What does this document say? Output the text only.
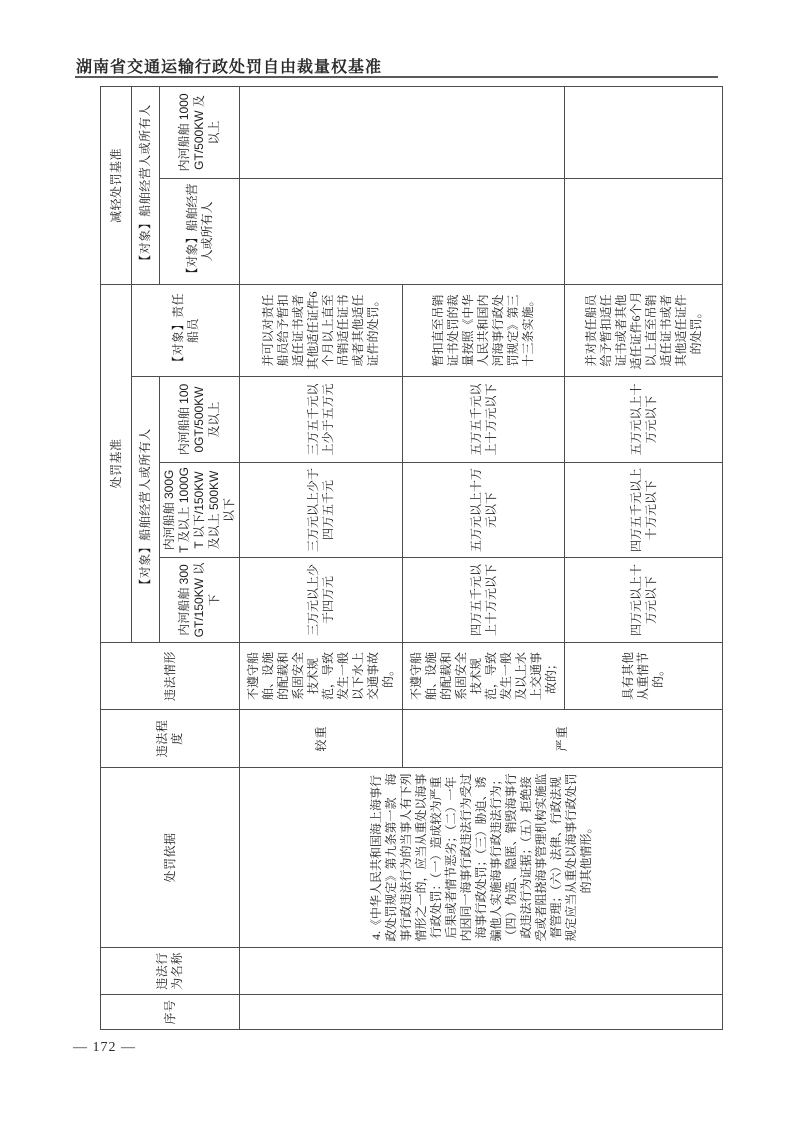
湖南省交通运输行政处罚自由裁量权基准
序号	违法行为名称	处罚依据	违法程度	违法情形	处罚基准				减轻处罚基准	
					【对象】船舶经营人或所有人			【对象】责任船员	【对象】船舶经营人或所有人	
					内河船舶 300GT/150KW 以下	内河船舶 300GT 及以上 1000GT 以下/150KW 及以上 500KW 以下	内河船舶 1000GT/500KW 及以上		【对象】船舶经营人或所有人	内河船舶 1000GT/500KW 及以上
		4.《中华人民共和国海上海事行政处罚规定》第九条第一款　海事行政违法行为的当事人有下列情形之一的，应当从重处以海事行政处罚：（一）造成较为严重后果或者情节恶劣；（二）一年内因同一海事行政违法行为受过海事行政处罚；（三）胁迫、诱骗他人实施海事行政违法行为；（四）伪造、隐匿、销毁海事行政违法行为证据；（五）拒绝接受或者阻挠海事管理机构实施监督管理；（六）法律、行政法规规定应当从重处以海事行政处罚的其他情形。	较重	不遵守船舶、设施的配载和系固安全技术规范，导致发生一般以下水上交通事故的。	三万元以上少于四万元	三万元以上少于四万五千元	三万五千元以上少于五万元	并可以对责任船员给予暂扣适任证书或者其他适任证件6个月以上直至吊销适任证书或者其他适任证件的处罚。		
			严重	不遵守船舶、设施的配载和系固安全技术规范，导致发生一般及以上水上交通事故的；	四万五千元以上十万元以下	五万元以上十万元以下	五万五千元以上十万元以下	暂扣直至吊销证书处罚的裁量按照《中华人民共和国内河海事行政处罚规定》第三十三条实施。		
				具有其他从重情节的。	四万元以上十万元以下	四万五千元以上十万元以下	五万元以上十万元以下	并对责任船员给予暂扣适任证书或者其他适任证件6个月以上直至吊销适任证书或者其他适任证件的处罚。		
— 172 —
